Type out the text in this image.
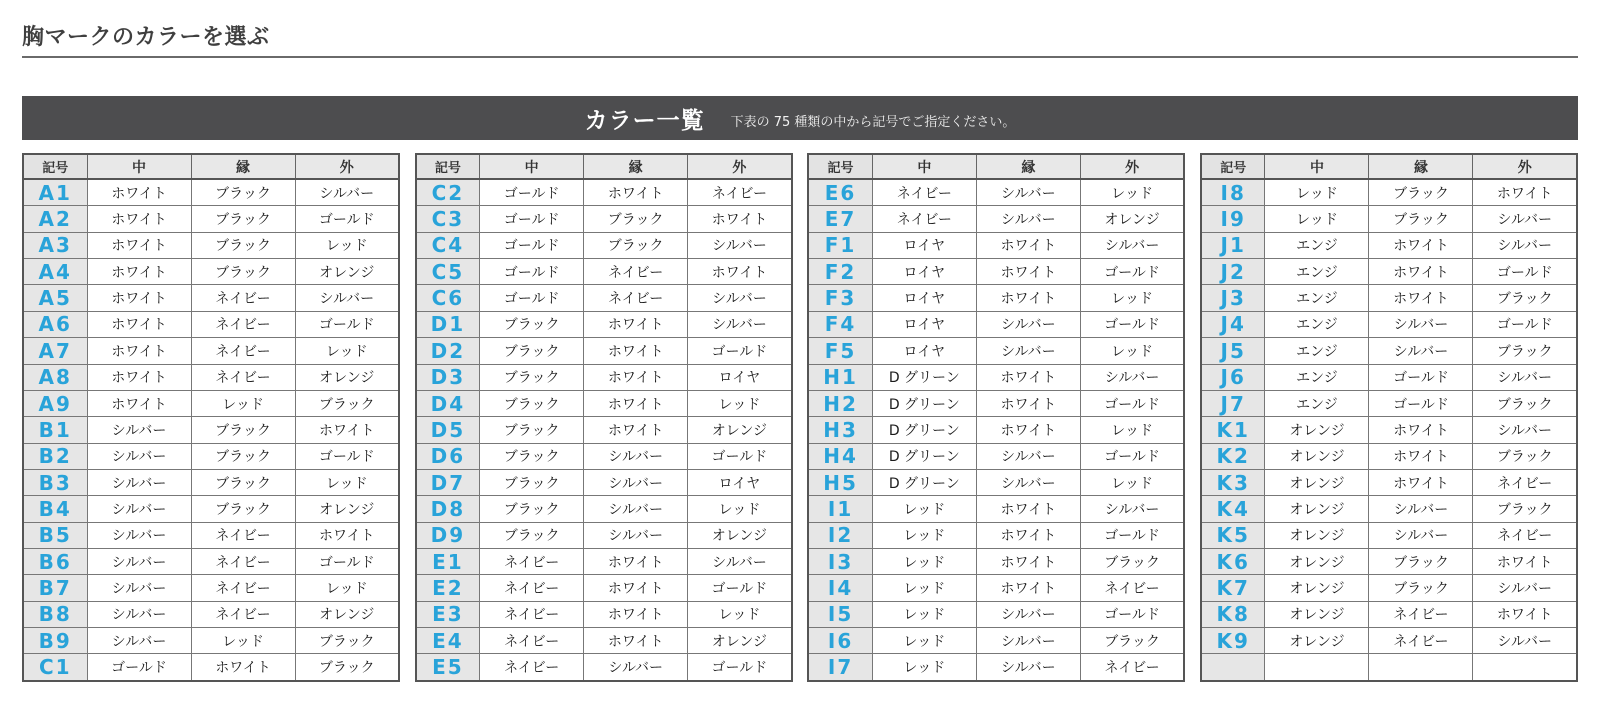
胸マークのカラーを選ぶ
カラー一覧 下表の 75 種類の中から記号でご指定ください。
記号	中	縁	外
A1	ホワイト	ブラック	シルバー
A2	ホワイト	ブラック	ゴールド
A3	ホワイト	ブラック	レッド
A4	ホワイト	ブラック	オレンジ
A5	ホワイト	ネイビー	シルバー
A6	ホワイト	ネイビー	ゴールド
A7	ホワイト	ネイビー	レッド
A8	ホワイト	ネイビー	オレンジ
A9	ホワイト	レッド	ブラック
B1	シルバー	ブラック	ホワイト
B2	シルバー	ブラック	ゴールド
B3	シルバー	ブラック	レッド
B4	シルバー	ブラック	オレンジ
B5	シルバー	ネイビー	ホワイト
B6	シルバー	ネイビー	ゴールド
B7	シルバー	ネイビー	レッド
B8	シルバー	ネイビー	オレンジ
B9	シルバー	レッド	ブラック
C1	ゴールド	ホワイト	ブラック
記号	中	縁	外
C2	ゴールド	ホワイト	ネイビー
C3	ゴールド	ブラック	ホワイト
C4	ゴールド	ブラック	シルバー
C5	ゴールド	ネイビー	ホワイト
C6	ゴールド	ネイビー	シルバー
D1	ブラック	ホワイト	シルバー
D2	ブラック	ホワイト	ゴールド
D3	ブラック	ホワイト	ロイヤ
D4	ブラック	ホワイト	レッド
D5	ブラック	ホワイト	オレンジ
D6	ブラック	シルバー	ゴールド
D7	ブラック	シルバー	ロイヤ
D8	ブラック	シルバー	レッド
D9	ブラック	シルバー	オレンジ
E1	ネイビー	ホワイト	シルバー
E2	ネイビー	ホワイト	ゴールド
E3	ネイビー	ホワイト	レッド
E4	ネイビー	ホワイト	オレンジ
E5	ネイビー	シルバー	ゴールド
記号	中	縁	外
E6	ネイビー	シルバー	レッド
E7	ネイビー	シルバー	オレンジ
F1	ロイヤ	ホワイト	シルバー
F2	ロイヤ	ホワイト	ゴールド
F3	ロイヤ	ホワイト	レッド
F4	ロイヤ	シルバー	ゴールド
F5	ロイヤ	シルバー	レッド
H1	D グリーン	ホワイト	シルバー
H2	D グリーン	ホワイト	ゴールド
H3	D グリーン	ホワイト	レッド
H4	D グリーン	シルバー	ゴールド
H5	D グリーン	シルバー	レッド
I1	レッド	ホワイト	シルバー
I2	レッド	ホワイト	ゴールド
I3	レッド	ホワイト	ブラック
I4	レッド	ホワイト	ネイビー
I5	レッド	シルバー	ゴールド
I6	レッド	シルバー	ブラック
I7	レッド	シルバー	ネイビー
記号	中	縁	外
I8	レッド	ブラック	ホワイト
I9	レッド	ブラック	シルバー
J1	エンジ	ホワイト	シルバー
J2	エンジ	ホワイト	ゴールド
J3	エンジ	ホワイト	ブラック
J4	エンジ	シルバー	ゴールド
J5	エンジ	シルバー	ブラック
J6	エンジ	ゴールド	シルバー
J7	エンジ	ゴールド	ブラック
K1	オレンジ	ホワイト	シルバー
K2	オレンジ	ホワイト	ブラック
K3	オレンジ	ホワイト	ネイビー
K4	オレンジ	シルバー	ブラック
K5	オレンジ	シルバー	ネイビー
K6	オレンジ	ブラック	ホワイト
K7	オレンジ	ブラック	シルバー
K8	オレンジ	ネイビー	ホワイト
K9	オレンジ	ネイビー	シルバー
